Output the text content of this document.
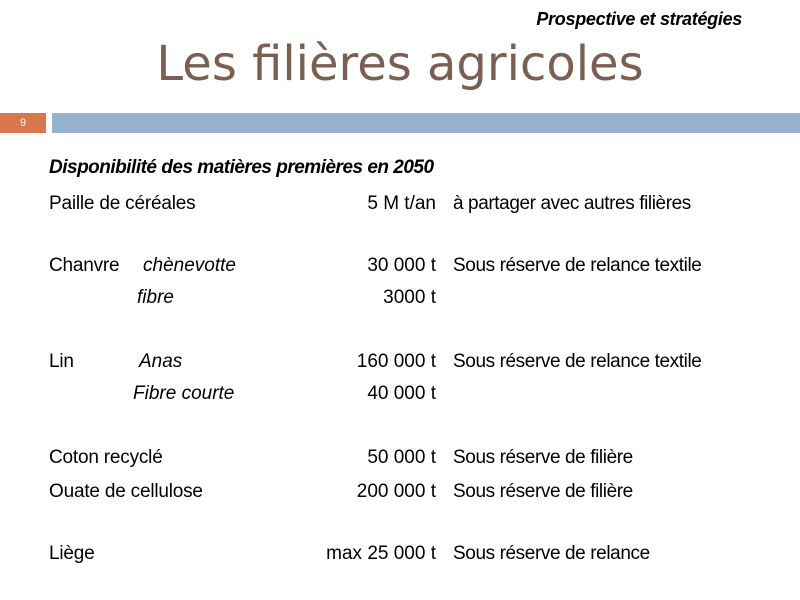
Prospective et stratégies
Les filières agricoles
9
Disponibilité des matières premières en 2050
Paille de céréales	5 M t/an à partager avec autres filières
Chanvre chènevotte	30 000 t Sous réserve de relance textile
fibre	3000 t
Lin	Anas	160 000 t Sous réserve de relance textile
Fibre courte	40 000 t
Coton recyclé	50 000 t Sous réserve de filière
Ouate de cellulose	200 000 t Sous réserve de filière
Liège	max 25 000 t Sous réserve de relance
